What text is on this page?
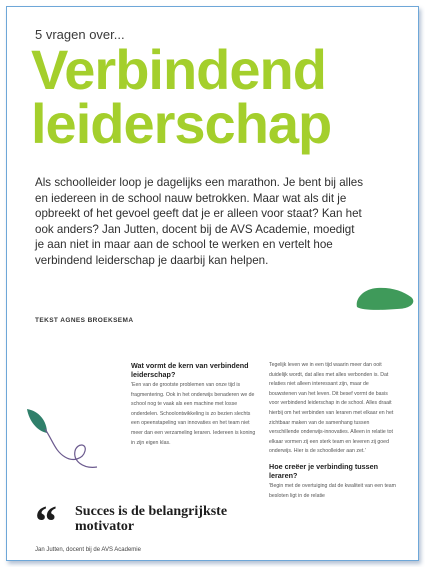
5 vragen over...
Verbindend
leiderschap

Als schoolleider loop je dagelijks een marathon. Je bent bij alles en iedereen in de school nauw betrokken. Maar wat als dit je opbreekt of het gevoel geeft dat je er alleen voor staat? Kan het ook anders? Jan Jutten, docent bij de AVS Academie, moedigt je aan niet in maar aan de school te werken en vertelt hoe verbindend leiderschap je daarbij kan helpen.

TEKST AGNES BROEKSEMA

Wat vormt de kern van verbindend leiderschap?

'Een van de grootste problemen van onze tijd is fragmentering. Ook in het onderwijs benaderen we de school nog te vaak als een machine met losse onderdelen. Schoolontwikkeling is zo bezien slechts een opeenstapeling van innovaties en het team niet meer dan een verzameling leraren. Iedereen is koning in zijn eigen klas.

Tegelijk leven we in een tijd waarin meer dan ooit duidelijk wordt, dat alles met alles verbonden is. Dat relaties niet alleen interessant zijn, maar de bouwstenen van het leven. Dit besef vormt de basis voor verbindend leiderschap in de school. Alles draait hierbij om het verbinden van leraren met elkaar en het zichtbaar maken van de samenhang tussen verschillende onderwijs-innovaties. Alleen in relatie tot elkaar vormen zij een sterk team en leveren zij goed onderwijs. Hier is de schoolleider aan zet.'

Hoe creëer je verbinding tussen leraren?

'Begin met de overtuiging dat de kwaliteit van een team besloten ligt in de relatie

“ Succes is de belangrijkste motivator
Jan Jutten, docent bij de AVS Academie
